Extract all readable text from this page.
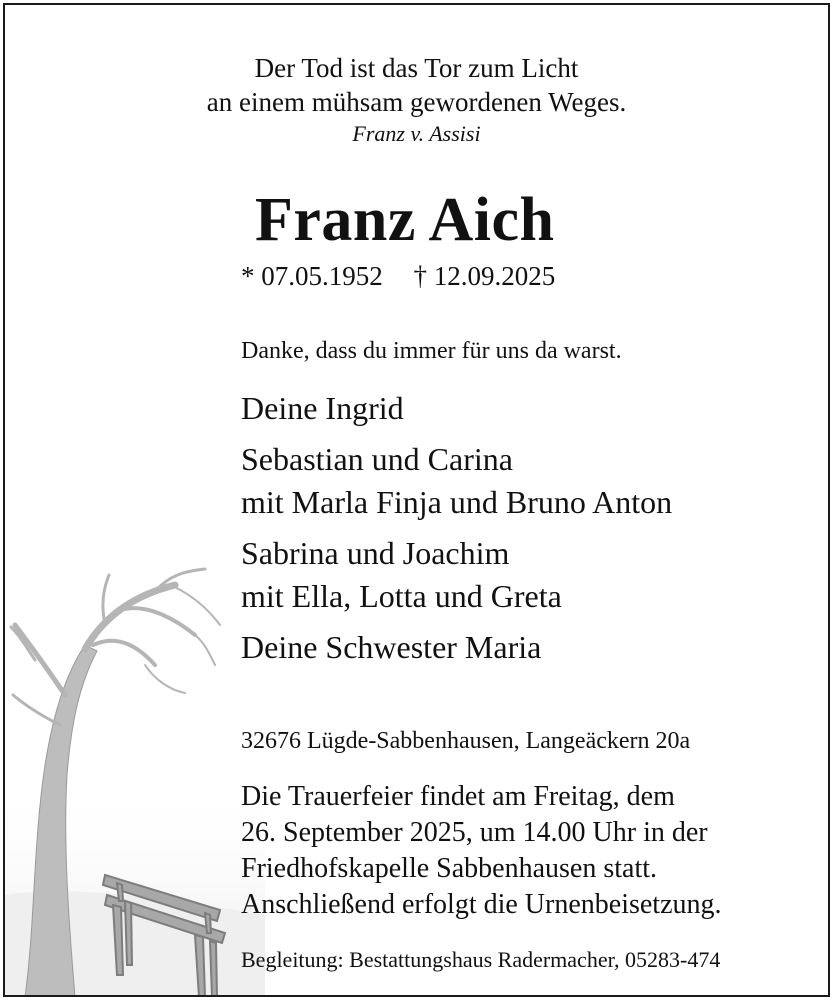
Der Tod ist das Tor zum Licht
an einem mühsam gewordenen Weges.
Franz v. Assisi
Franz Aich
* 07.05.1952 † 12.09.2025
Danke, dass du immer für uns da warst.
Deine Ingrid
Sebastian und Carina
mit Marla Finja und Bruno Anton
Sabrina und Joachim
mit Ella, Lotta und Greta
Deine Schwester Maria
32676 Lügde-Sabbenhausen, Langeäckern 20a
Die Trauerfeier findet am Freitag, dem
26. September 2025, um 14.00 Uhr in der
Friedhofskapelle Sabbenhausen statt.
Anschließend erfolgt die Urnenbeisetzung.
Begleitung: Bestattungshaus Radermacher, 05283-474
